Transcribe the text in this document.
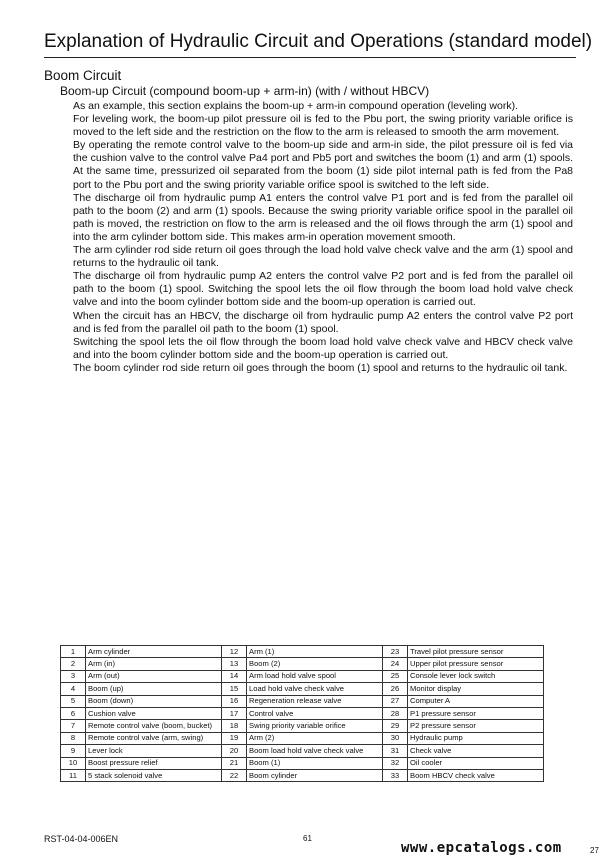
Explanation of Hydraulic Circuit and Operations (standard model)
Boom Circuit
Boom-up Circuit (compound boom-up + arm-in) (with / without HBCV)

As an example, this section explains the boom-up + arm-in compound operation (leveling work).

For leveling work, the boom-up pilot pressure oil is fed to the Pbu port, the swing priority variable orifice is moved to the left side and the restriction on the flow to the arm is released to smooth the arm movement.

By operating the remote control valve to the boom-up side and arm-in side, the pilot pressure oil is fed via the cushion valve to the control valve Pa4 port and Pb5 port and switches the boom (1) and arm (1) spools. At the same time, pressurized oil separated from the boom (1) side pilot internal path is fed from the Pa8 port to the Pbu port and the swing priority variable orifice spool is switched to the left side.

The discharge oil from hydraulic pump A1 enters the control valve P1 port and is fed from the parallel oil path to the boom (2) and arm (1) spools. Because the swing priority variable orifice spool in the parallel oil path is moved, the restriction on flow to the arm is released and the oil flows through the arm (1) spool and into the arm cylinder bottom side. This makes arm-in operation movement smooth.

The arm cylinder rod side return oil goes through the load hold valve check valve and the arm (1) spool and returns to the hydraulic oil tank.

The discharge oil from hydraulic pump A2 enters the control valve P2 port and is fed from the parallel oil path to the boom (1) spool. Switching the spool lets the oil flow through the boom load hold valve check valve and into the boom cylinder bottom side and the boom-up operation is carried out.

When the circuit has an HBCV, the discharge oil from hydraulic pump A2 enters the control valve P2 port and is fed from the parallel oil path to the boom (1) spool.

Switching the spool lets the oil flow through the boom load hold valve check valve and HBCV check valve and into the boom cylinder bottom side and the boom-up operation is carried out.

The boom cylinder rod side return oil goes through the boom (1) spool and returns to the hydraulic oil tank.

1	Arm cylinder	12	Arm (1)	23	Travel pilot pressure sensor
2	Arm (in)	13	Boom (2)	24	Upper pilot pressure sensor
3	Arm (out)	14	Arm load hold valve spool	25	Console lever lock switch
4	Boom (up)	15	Load hold valve check valve	26	Monitor display
5	Boom (down)	16	Regeneration release valve	27	Computer A
6	Cushion valve	17	Control valve	28	P1 pressure sensor
7	Remote control valve (boom, bucket)	18	Swing priority variable orifice	29	P2 pressure sensor
8	Remote control valve (arm, swing)	19	Arm (2)	30	Hydraulic pump
9	Lever lock	20	Boom load hold valve check valve	31	Check valve
10	Boost pressure relief	21	Boom (1)	32	Oil cooler
11	5 stack solenoid valve	22	Boom cylinder	33	Boom HBCV check valve
RST-04-04-006EN	61
www.epcatalogs.com	27
